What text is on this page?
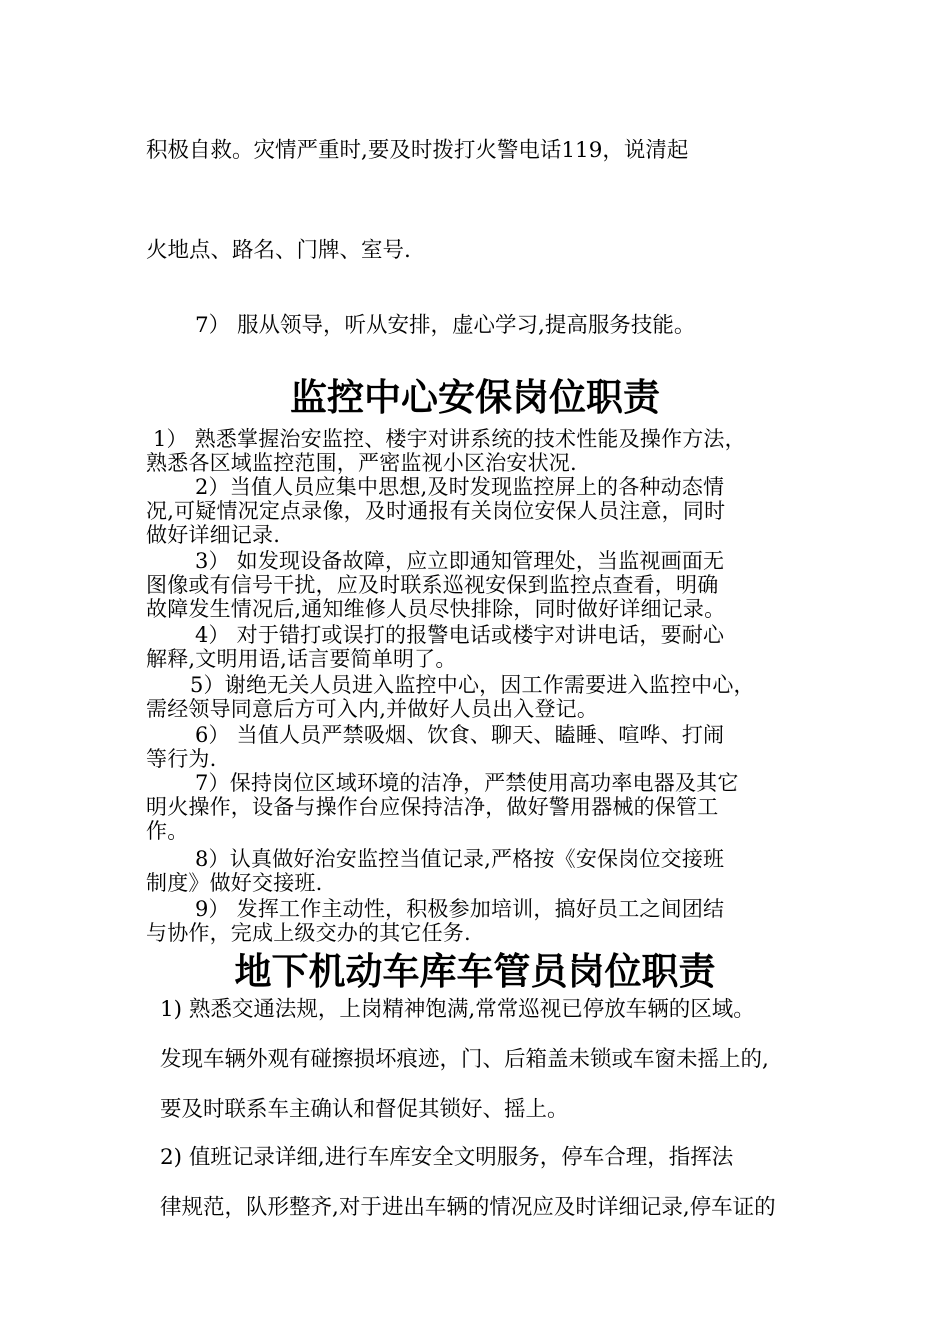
积极自救。灾情严重时,要及时拨打火警电话119，说清起
火地点、路名、门牌、室号.
7） 服从领导，听从安排，虚心学习,提高服务技能。
监控中心安保岗位职责
1） 熟悉掌握治安监控、楼宇对讲系统的技术性能及操作方法，
熟悉各区域监控范围，严密监视小区治安状况.
2）当值人员应集中思想,及时发现监控屏上的各种动态情
况,可疑情况定点录像，及时通报有关岗位安保人员注意，同时
做好详细记录.
3） 如发现设备故障，应立即通知管理处，当监视画面无
图像或有信号干扰，应及时联系巡视安保到监控点查看，明确
故障发生情况后,通知维修人员尽快排除，同时做好详细记录。
4） 对于错打或误打的报警电话或楼宇对讲电话，要耐心
解释,文明用语,话言要简单明了。
5）谢绝无关人员进入监控中心，因工作需要进入监控中心，
需经领导同意后方可入内,并做好人员出入登记。
6） 当值人员严禁吸烟、饮食、聊天、瞌睡、喧哗、打闹
等行为.
7）保持岗位区域环境的洁净，严禁使用高功率电器及其它
明火操作，设备与操作台应保持洁净，做好警用器械的保管工
作。
8）认真做好治安监控当值记录,严格按《安保岗位交接班
制度》做好交接班.
9） 发挥工作主动性，积极参加培训，搞好员工之间团结
与协作，完成上级交办的其它任务.
地下机动车库车管员岗位职责
1) 熟悉交通法规，上岗精神饱满,常常巡视已停放车辆的区域。
发现车辆外观有碰擦损坏痕迹，门、后箱盖未锁或车窗未摇上的,
要及时联系车主确认和督促其锁好、摇上。
2) 值班记录详细,进行车库安全文明服务，停车合理，指挥法
律规范，队形整齐,对于进出车辆的情况应及时详细记录,停车证的
